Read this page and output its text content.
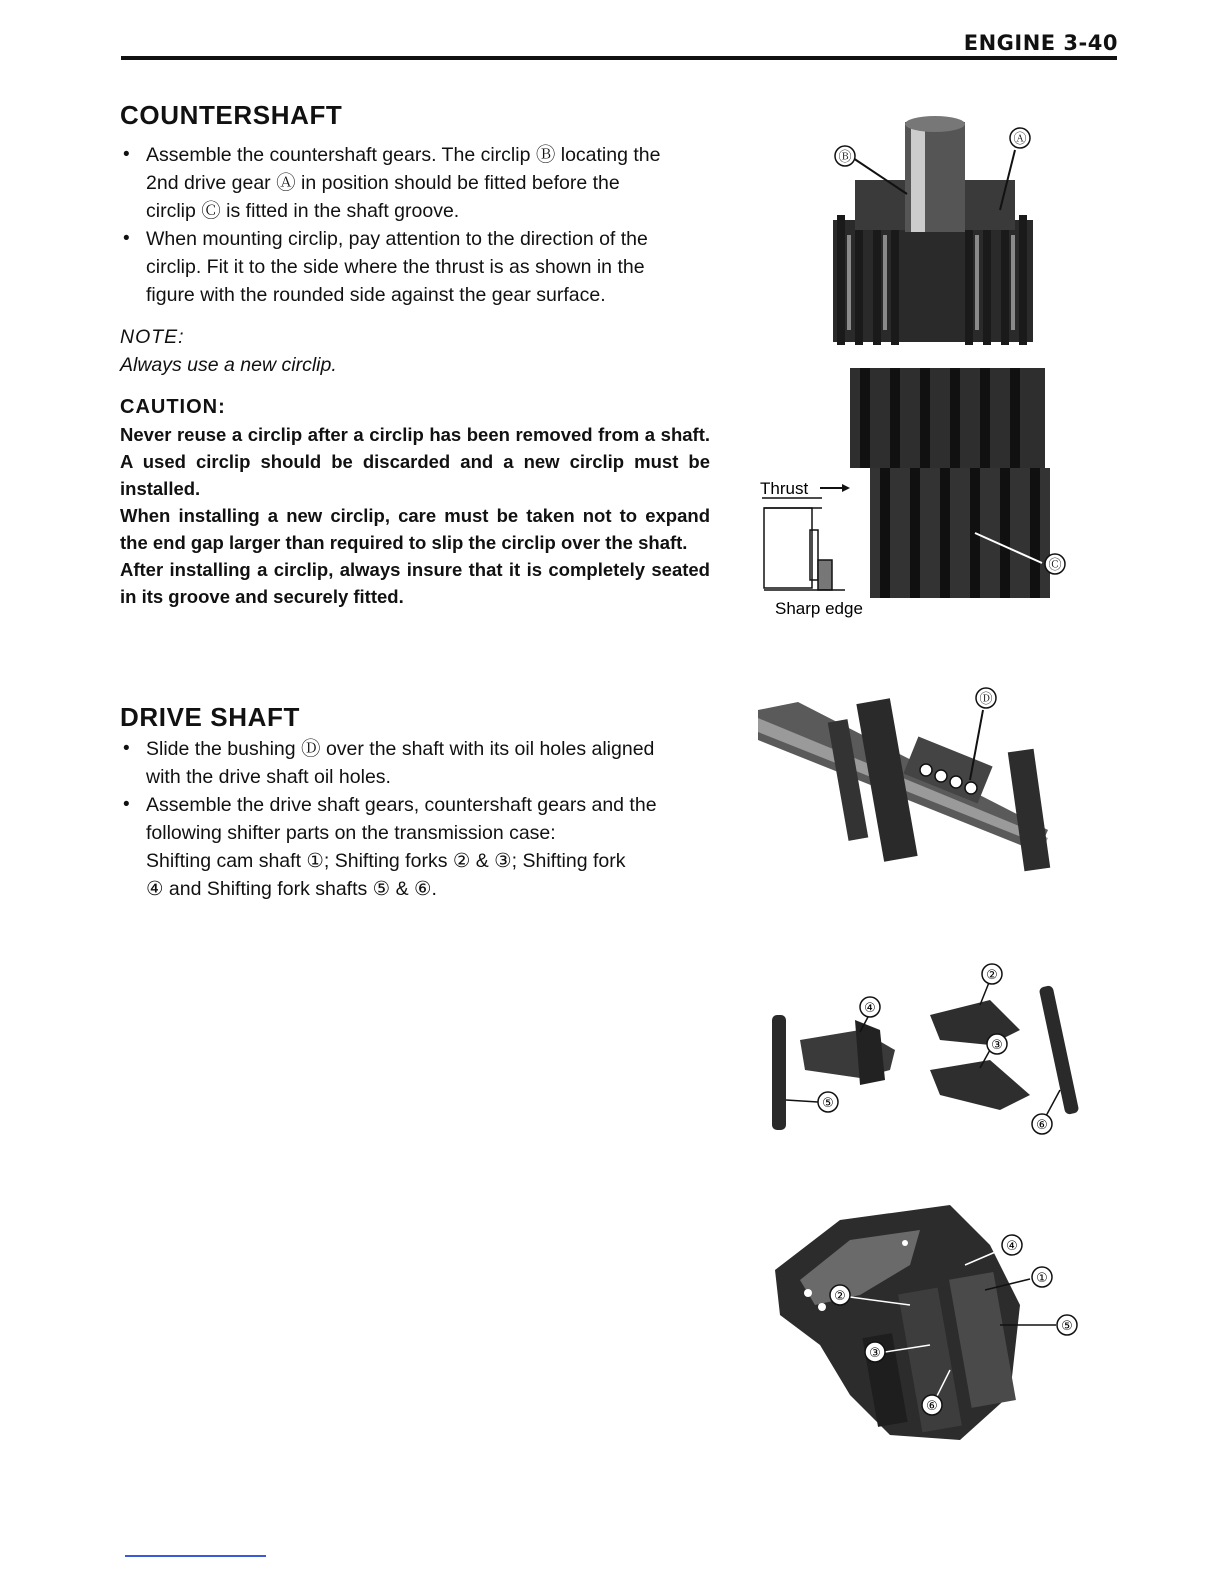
ENGINE 3-40
COUNTERSHAFT
• Assemble the countershaft gears. The circlip Ⓑ locating the
2nd drive gear Ⓐ in position should be fitted before the
circlip Ⓒ is fitted in the shaft groove.
• When mounting circlip, pay attention to the direction of the
circlip. Fit it to the side where the thrust is as shown in the
figure with the rounded side against the gear surface.
NOTE:
Always use a new circlip.
CAUTION:

Never reuse a circlip after a circlip has been removed from a shaft. A used circlip should be discarded and a new circlip must be installed.

When installing a new circlip, care must be taken not to expand the end gap larger than required to slip the circlip over the shaft.

After installing a circlip, always insure that it is completely seated in its groove and securely fitted.

DRIVE SHAFT
• Slide the bushing Ⓓ over the shaft with its oil holes aligned
with the drive shaft oil holes.
• Assemble the drive shaft gears, countershaft gears and the
following shifter parts on the transmission case:
Shifting cam shaft ①; Shifting forks ② & ③; Shifting fork
④ and Shifting fork shafts ⑤ & ⑥.
Ⓑ
Ⓐ
Thrust
Sharp edge
Ⓒ
Ⓓ
②
④
③
⑤
⑥
④
①
⑤
②
③
⑥
